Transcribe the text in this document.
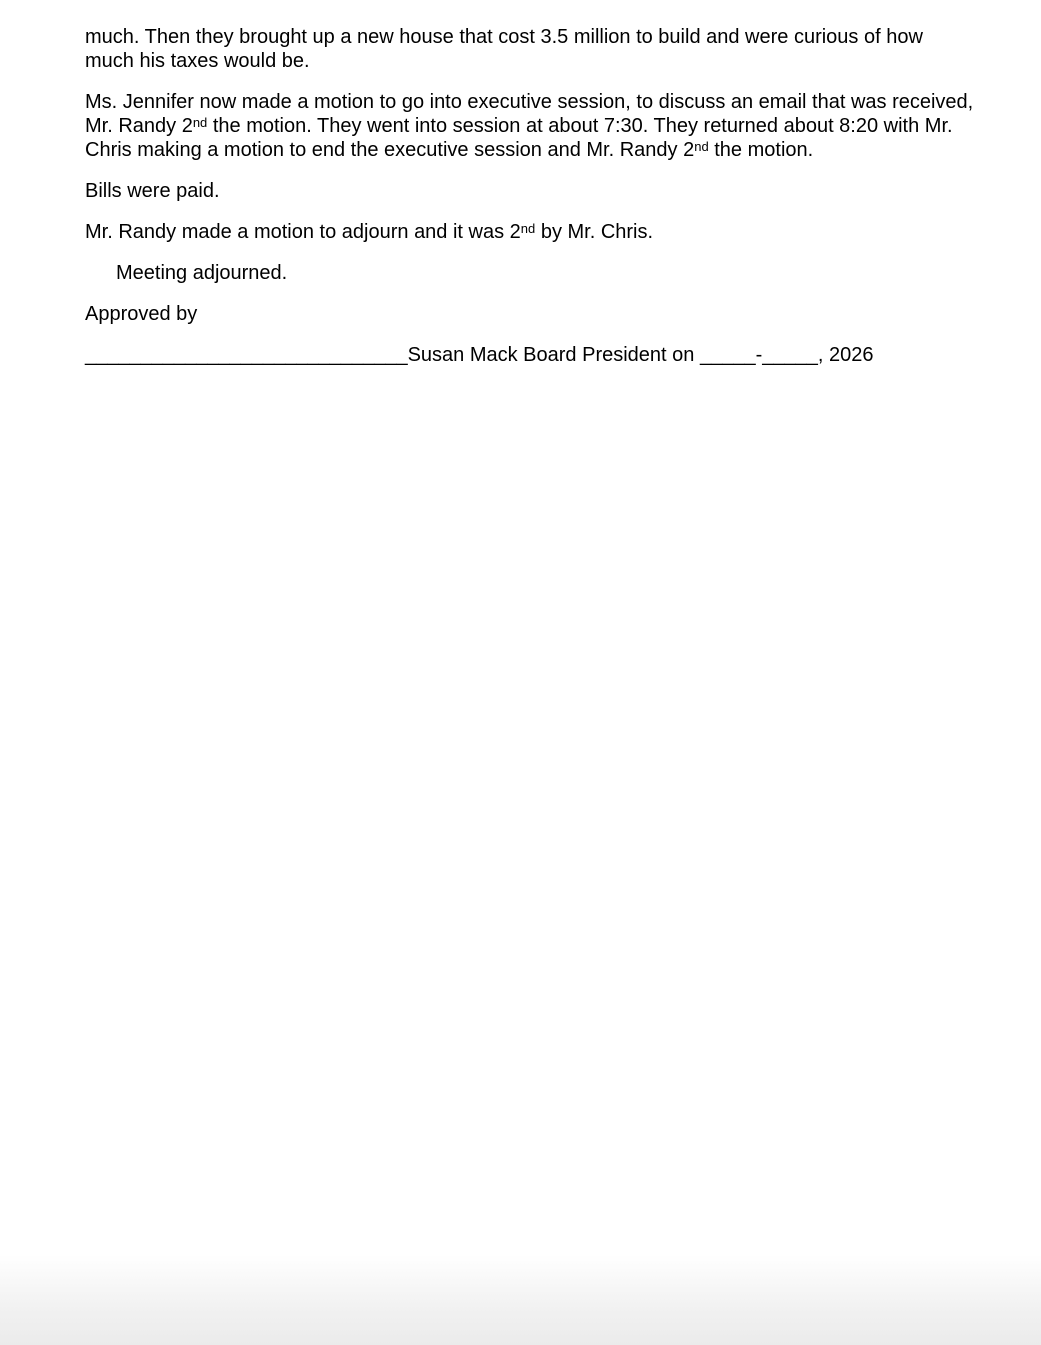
much. Then they brought up a new house that cost 3.5 million to build and were curious of how
much his taxes would be.

Ms. Jennifer now made a motion to go into executive session, to discuss an email that was received, Mr. Randy 2nd the motion. They went into session at about 7:30. They returned about 8:20 with Mr. Chris making a motion to end the executive session and Mr. Randy 2nd the motion.

Bills were paid.

Mr. Randy made a motion to adjourn and it was 2nd by Mr. Chris.

Meeting adjourned.

Approved by

_____________________________Susan Mack Board President on _____-_____, 2026
